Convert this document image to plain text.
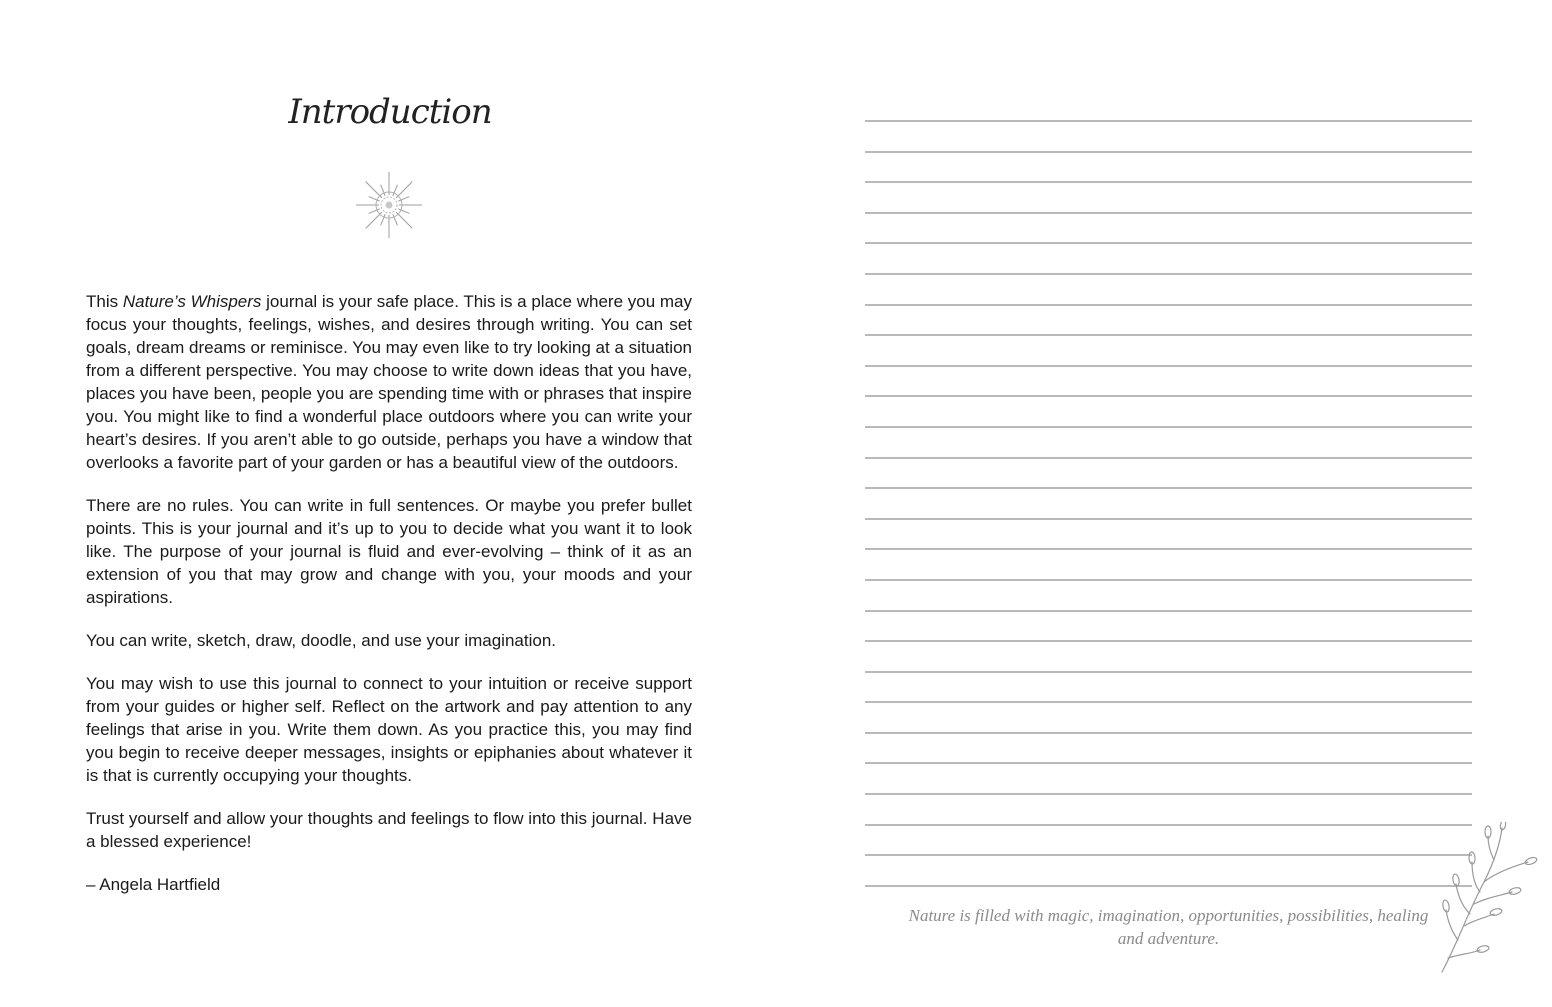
Introduction

This Nature’s Whispers journal is your safe place. This is a place where you may focus your thoughts, feelings, wishes, and desires through writing. You can set goals, dream dreams or reminisce. You may even like to try looking at a situation from a different perspective. You may choose to write down ideas that you have, places you have been, people you are spending time with or phrases that inspire you. You might like to find a wonderful place outdoors where you can write your heart’s desires. If you aren’t able to go outside, perhaps you have a window that overlooks a favorite part of your garden or has a beautiful view of the outdoors.

There are no rules. You can write in full sentences. Or maybe you prefer bullet points. This is your journal and it’s up to you to decide what you want it to look like. The purpose of your journal is fluid and ever-evolving – think of it as an extension of you that may grow and change with you, your moods and your aspirations.

You can write, sketch, draw, doodle, and use your imagination.

You may wish to use this journal to connect to your intuition or receive support from your guides or higher self. Reflect on the artwork and pay attention to any feelings that arise in you. Write them down. As you practice this, you may find you begin to receive deeper messages, insights or epiphanies about whatever it is that is currently occupying your thoughts.

Trust yourself and allow your thoughts and feelings to flow into this journal. Have a blessed experience!

– Angela Hartfield

Nature is filled with magic, imagination, opportunities, possibilities, healing and adventure.
